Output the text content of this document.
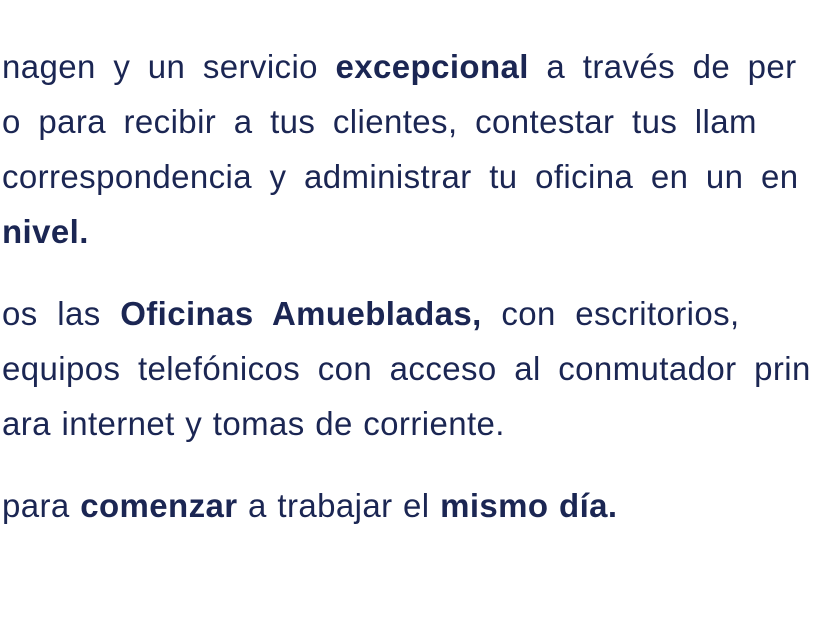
nagen y un servicio excepcional a través de per
o para recibir a tus clientes, contestar tus llam
correspondencia y administrar tu oficina en un en
nivel.
os las Oficinas Amuebladas, con escritorios,
equipos telefónicos con acceso al conmutador prin
ara internet y tomas de corriente.
para comenzar a trabajar el mismo día.
